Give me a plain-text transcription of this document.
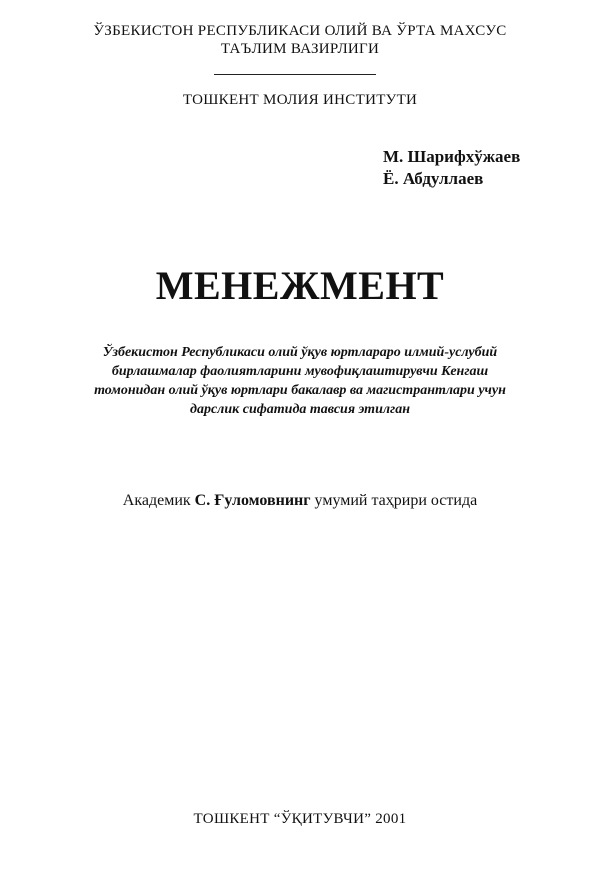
ЎЗБЕКИСТОН РЕСПУБЛИКАСИ ОЛИЙ ВА ЎРТА МАХСУС
ТАЪЛИМ ВАЗИРЛИГИ
ТОШКЕНТ МОЛИЯ ИНСТИТУТИ
М. Шарифхўжаев
Ё. Абдуллаев
МЕНЕЖМЕНТ
Ўзбекистон Республикаси олий ўқув юртлараро илмий-услубий
бирлашмалар фаолиятларини мувофиқлаштирувчи Кенгаш
томонидан олий ўқув юртлари бакалавр ва магистрантлари учун
дарслик сифатида тавсия этилган
Академик С. Ғуломовнинг умумий таҳрири остида
ТОШКЕНТ “ЎҚИТУВЧИ” 2001
